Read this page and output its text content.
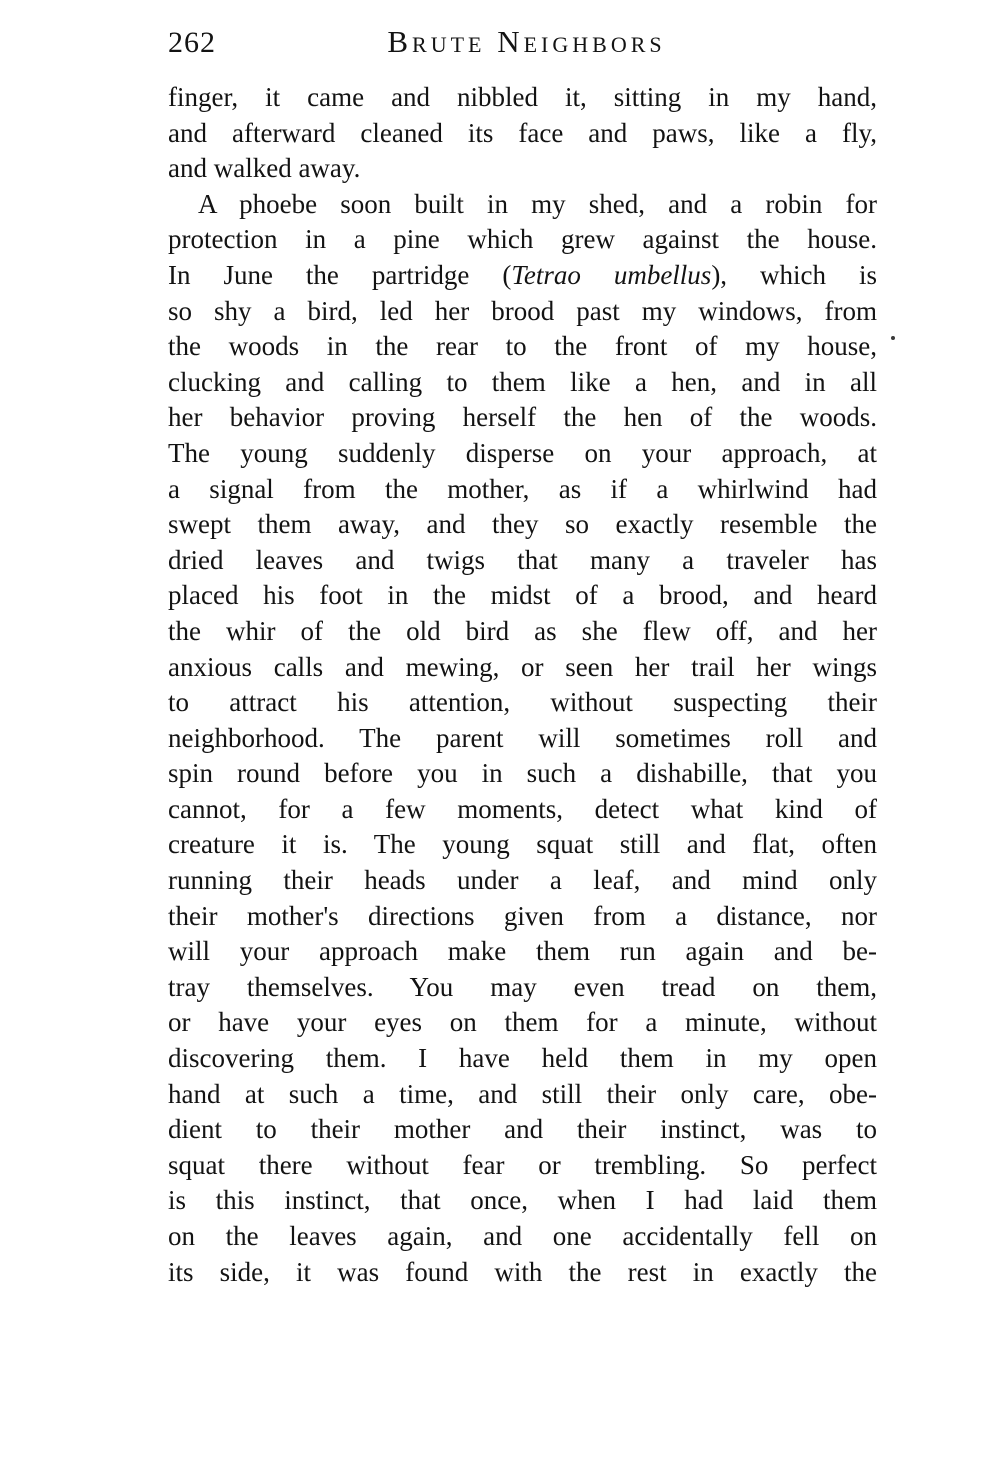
262	Brute Neighbors
finger, it came and nibbled it, sitting in my hand,
and afterward cleaned its face and paws, like a fly,
and walked away.
A phoebe soon built in my shed, and a robin for
protection in a pine which grew against the house.
In June the partridge (Tetrao umbellus), which is
so shy a bird, led her brood past my windows, from
the woods in the rear to the front of my house,
clucking and calling to them like a hen, and in all
her behavior proving herself the hen of the woods.
The young suddenly disperse on your approach, at
a signal from the mother, as if a whirlwind had
swept them away, and they so exactly resemble the
dried leaves and twigs that many a traveler has
placed his foot in the midst of a brood, and heard
the whir of the old bird as she flew off, and her
anxious calls and mewing, or seen her trail her wings
to attract his attention, without suspecting their
neighborhood. The parent will sometimes roll and
spin round before you in such a dishabille, that you
cannot, for a few moments, detect what kind of
creature it is. The young squat still and flat, often
running their heads under a leaf, and mind only
their mother's directions given from a distance, nor
will your approach make them run again and be-
tray themselves. You may even tread on them,
or have your eyes on them for a minute, without
discovering them. I have held them in my open
hand at such a time, and still their only care, obe-
dient to their mother and their instinct, was to
squat there without fear or trembling. So perfect
is this instinct, that once, when I had laid them
on the leaves again, and one accidentally fell on
its side, it was found with the rest in exactly the
